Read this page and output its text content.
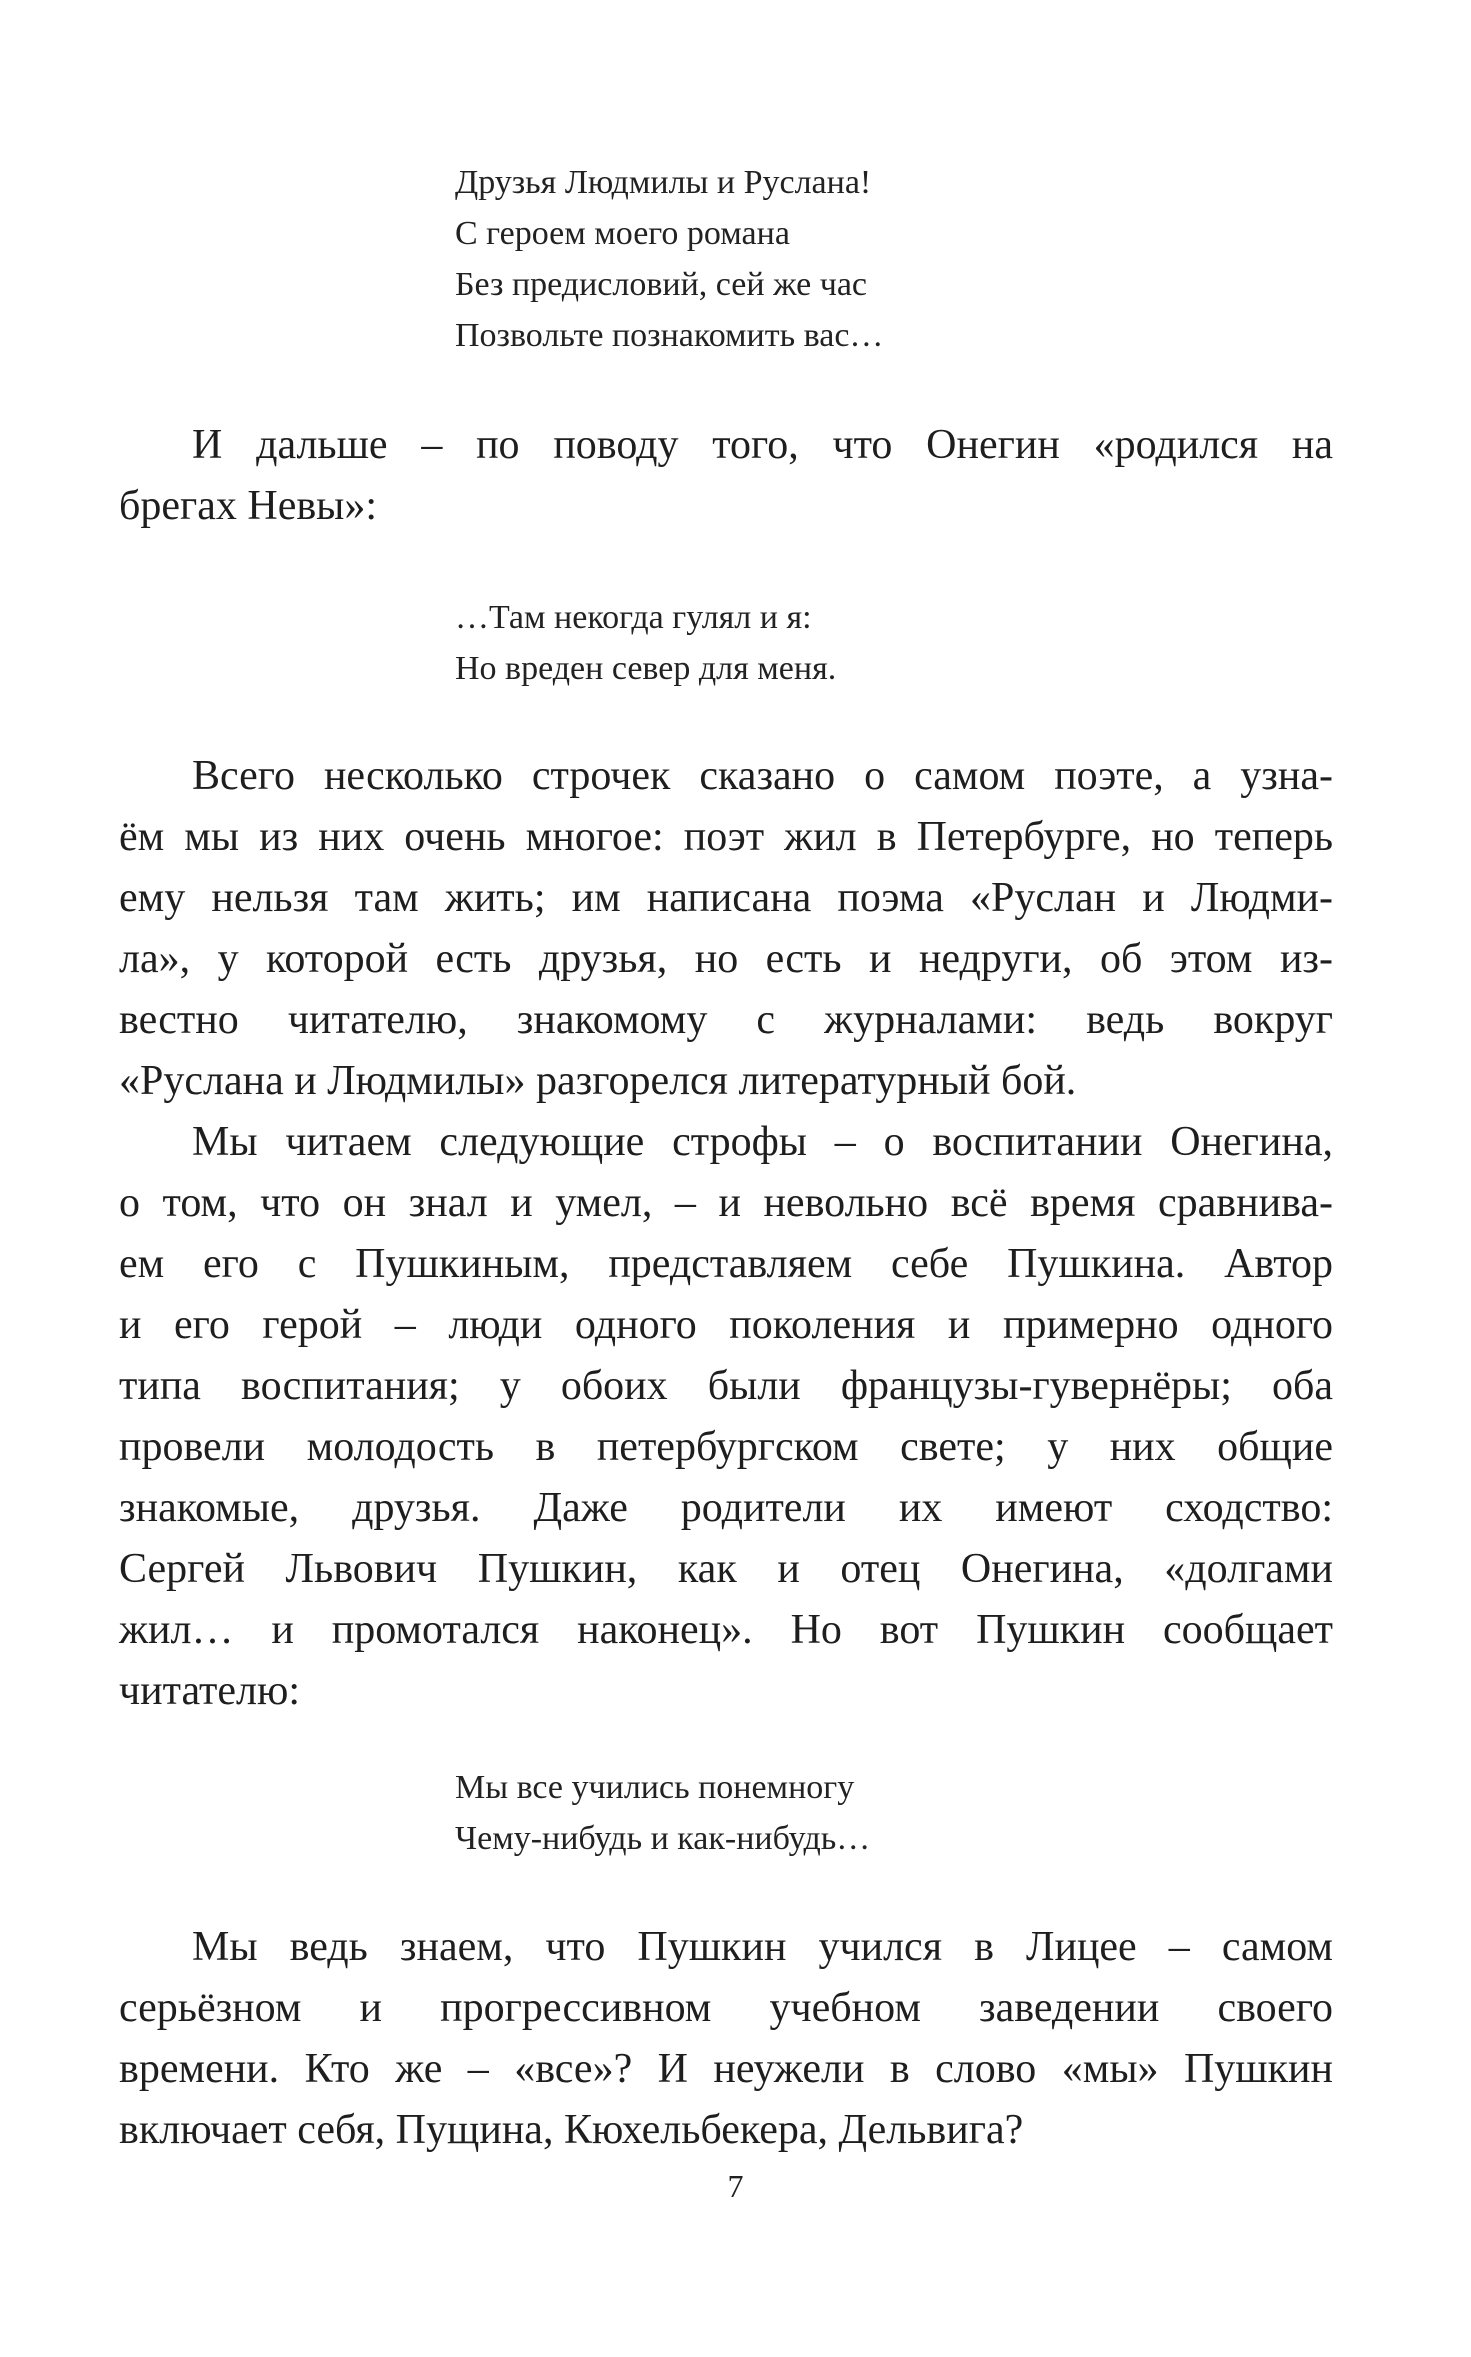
Друзья Людмилы и Руслана!
С героем моего романа
Без предисловий, сей же час
Позвольте познакомить вас…
И дальше – по поводу того, что Онегин «родился на
брегах Невы»:
…Там некогда гулял и я:
Но вреден север для меня.
Всего несколько строчек сказано о самом поэте, а узна-
ём мы из них очень многое: поэт жил в Петербурге, но теперь
ему нельзя там жить; им написана поэма «Руслан и Людми-
ла», у которой есть друзья, но есть и недруги, об этом из-
вестно читателю, знакомому с журналами: ведь вокруг
«Руслана и Людмилы» разгорелся литературный бой.
Мы читаем следующие строфы – о воспитании Онегина,
о том, что он знал и умел, – и невольно всё время сравнива-
ем его с Пушкиным, представляем себе Пушкина. Автор
и его герой – люди одного поколения и примерно одного
типа воспитания; у обоих были французы-гувернёры; оба
провели молодость в петербургском свете; у них общие
знакомые, друзья. Даже родители их имеют сходство:
Сергей Львович Пушкин, как и отец Онегина, «долгами
жил… и промотался наконец». Но вот Пушкин сообщает
читателю:
Мы все учились понемногу
Чему-нибудь и как-нибудь…
Мы ведь знаем, что Пушкин учился в Лицее – самом
серьёзном и прогрессивном учебном заведении своего
времени. Кто же – «все»? И неужели в слово «мы» Пушкин
включает себя, Пущина, Кюхельбекера, Дельвига?
7
